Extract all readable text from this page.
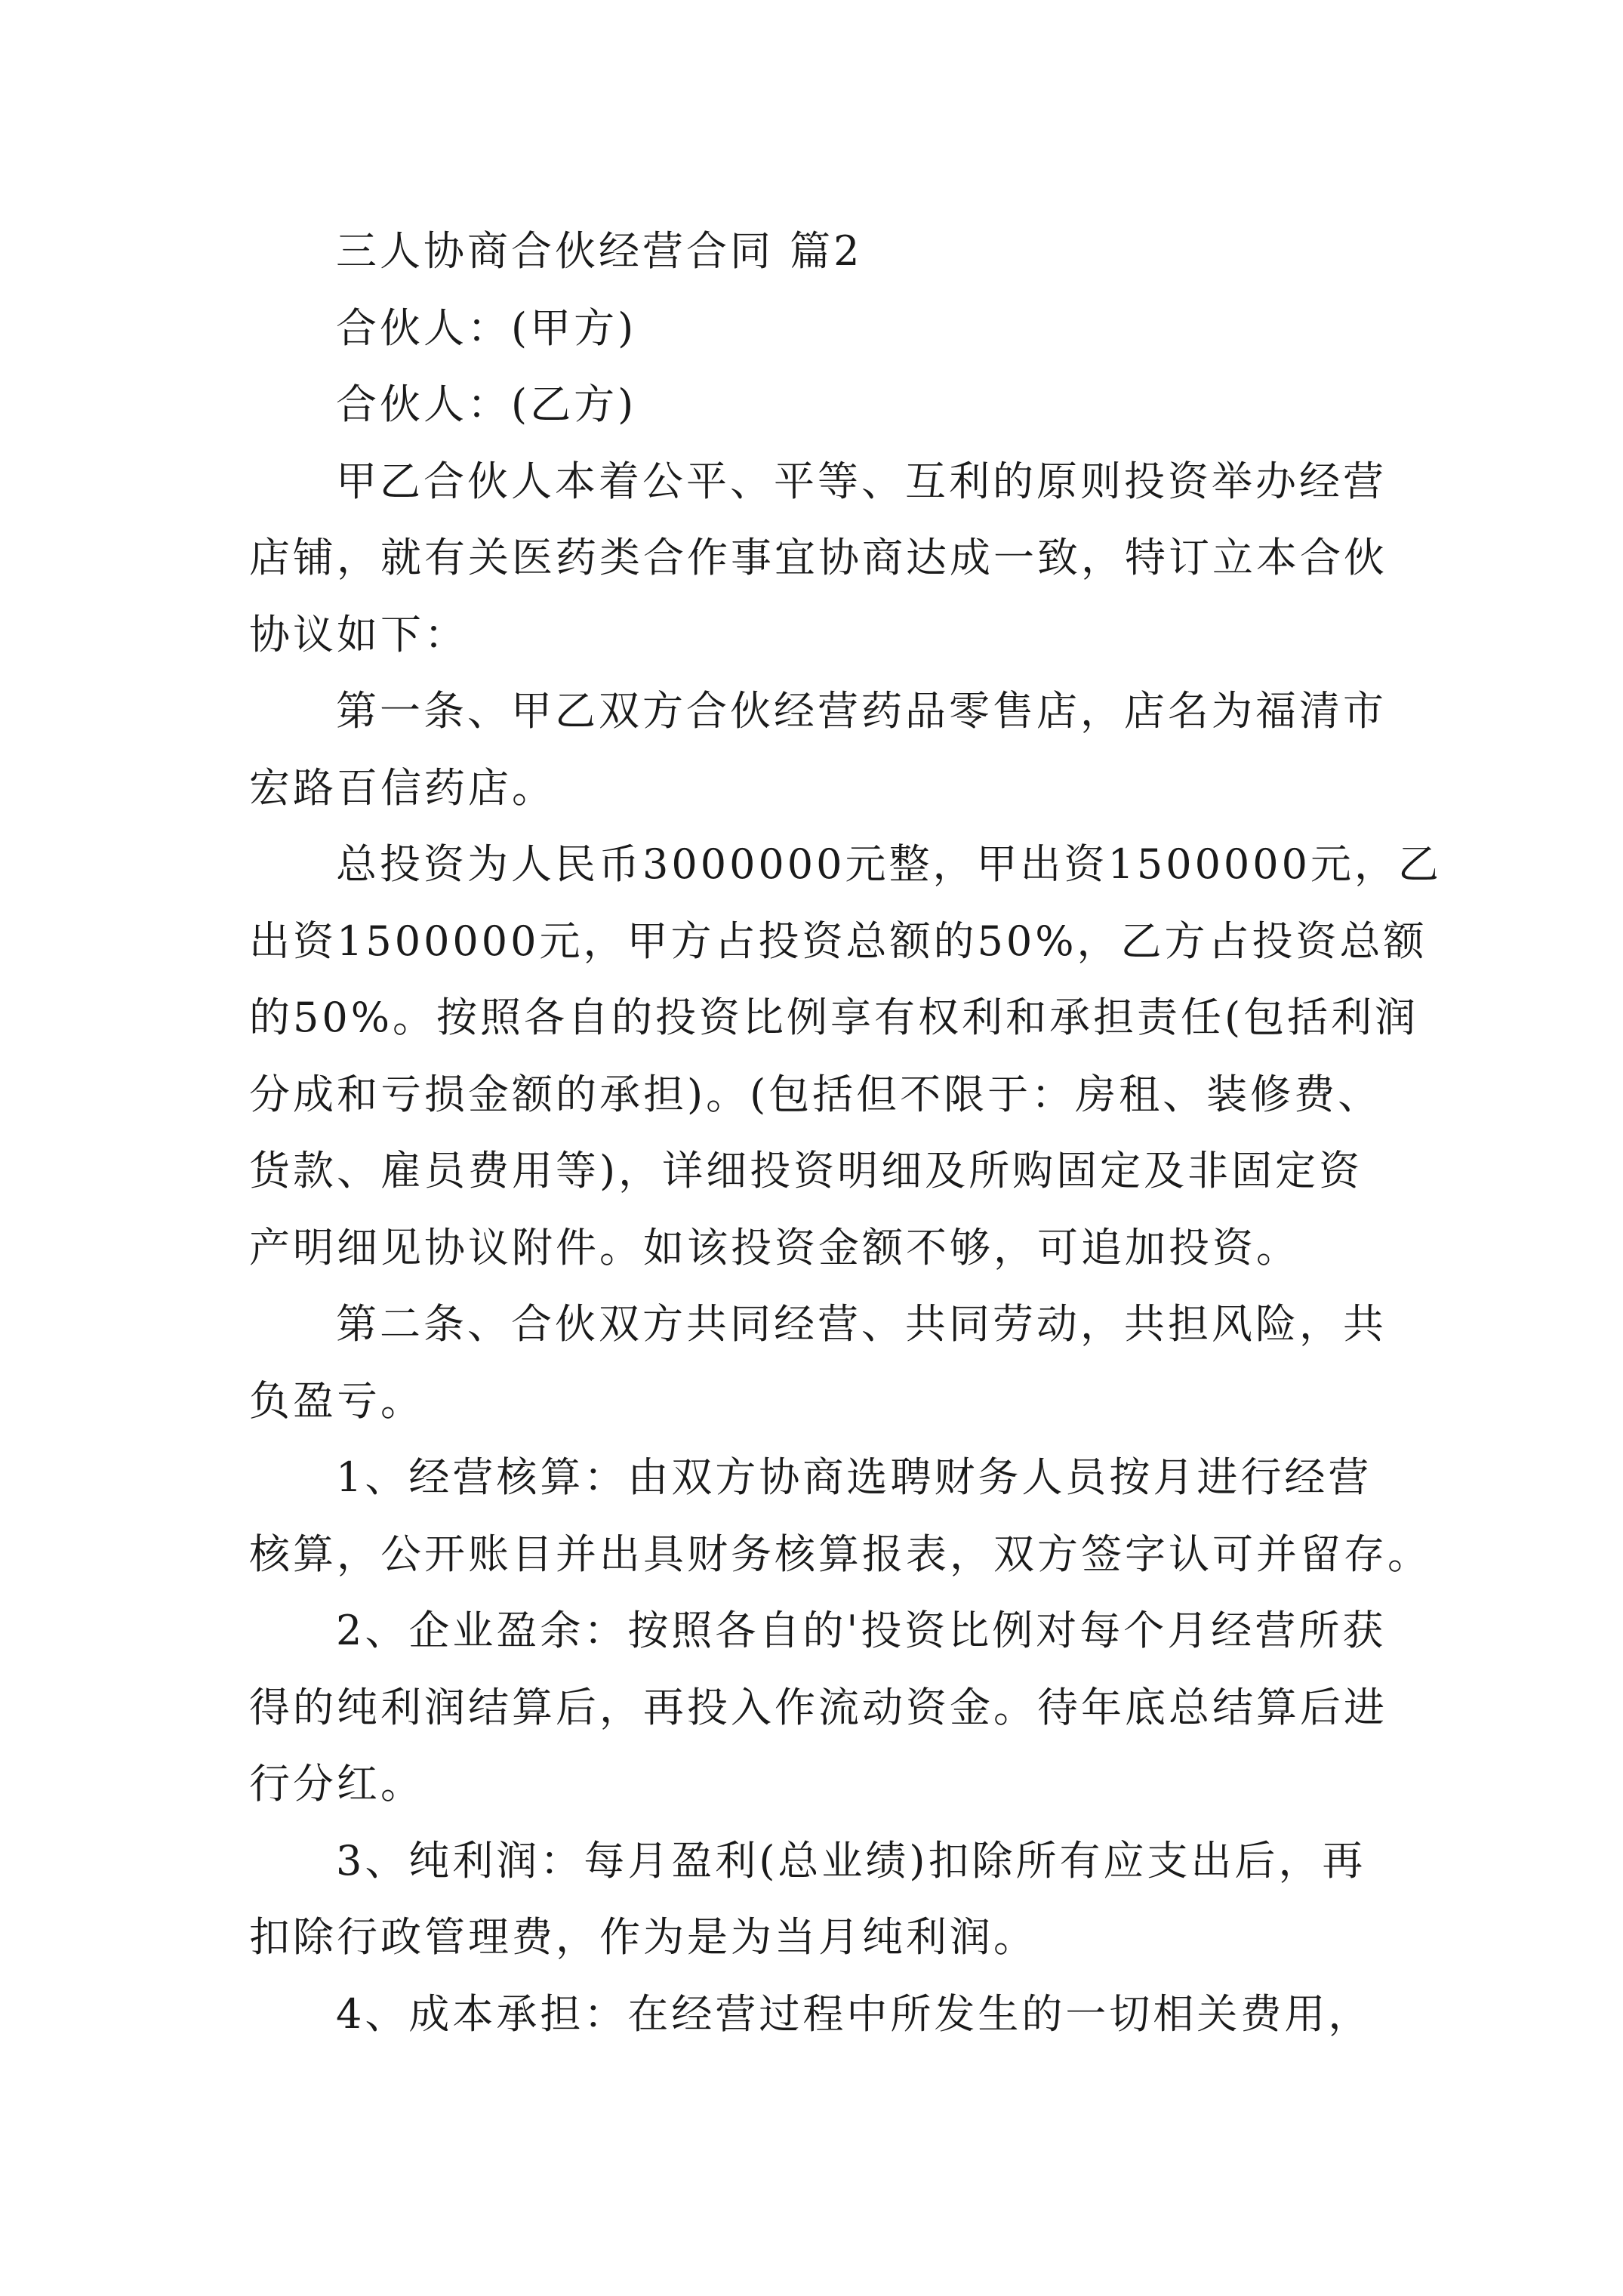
三人协商合伙经营合同 篇2
合伙人：(甲方)
合伙人：(乙方)
甲乙合伙人本着公平、平等、互利的原则投资举办经营
店铺，就有关医药类合作事宜协商达成一致，特订立本合伙
协议如下：
第一条、甲乙双方合伙经营药品零售店，店名为福清市
宏路百信药店。
总投资为人民币3000000元整，甲出资1500000元，乙
出资1500000元，甲方占投资总额的50%，乙方占投资总额
的50%。按照各自的投资比例享有权利和承担责任(包括利润
分成和亏损金额的承担)。(包括但不限于：房租、装修费、
货款、雇员费用等)，详细投资明细及所购固定及非固定资
产明细见协议附件。如该投资金额不够，可追加投资。
第二条、合伙双方共同经营、共同劳动，共担风险，共
负盈亏。
1、经营核算：由双方协商选聘财务人员按月进行经营
核算，公开账目并出具财务核算报表，双方签字认可并留存。
2、企业盈余：按照各自的'投资比例对每个月经营所获
得的纯利润结算后，再投入作流动资金。待年底总结算后进
行分红。
3、纯利润：每月盈利(总业绩)扣除所有应支出后，再
扣除行政管理费，作为是为当月纯利润。
4、成本承担：在经营过程中所发生的一切相关费用，
